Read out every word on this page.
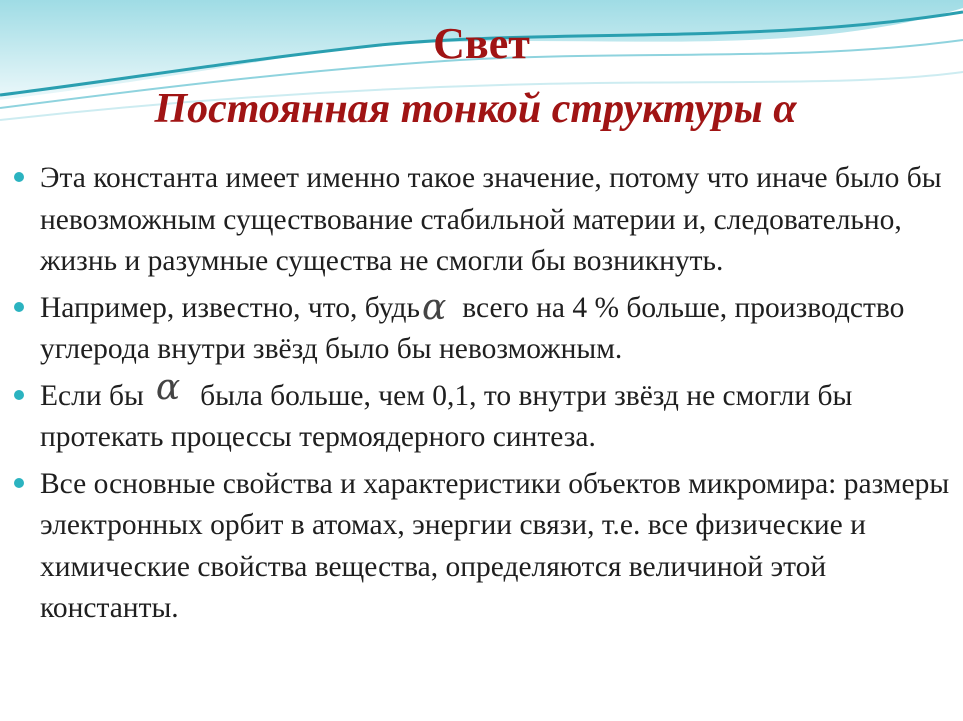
Свет
Постоянная тонкой структуры α
Эта константа имеет именно такое значение, потому что иначе было бы невозможным существование стабильной материи и, следовательно, жизнь и разумные существа не смогли бы возникнуть.
Например, известно, что, будьα всего на 4 % больше, производство углерода внутри звёзд было бы невозможным.
Если бы α была больше, чем 0,1, то внутри звёзд не смогли бы протекать процессы термоядерного синтеза.
Все основные свойства и характеристики объектов микромира: размеры электронных орбит в атомах, энергии связи, т.е. все физические и химические свойства вещества, определяются величиной этой константы.
